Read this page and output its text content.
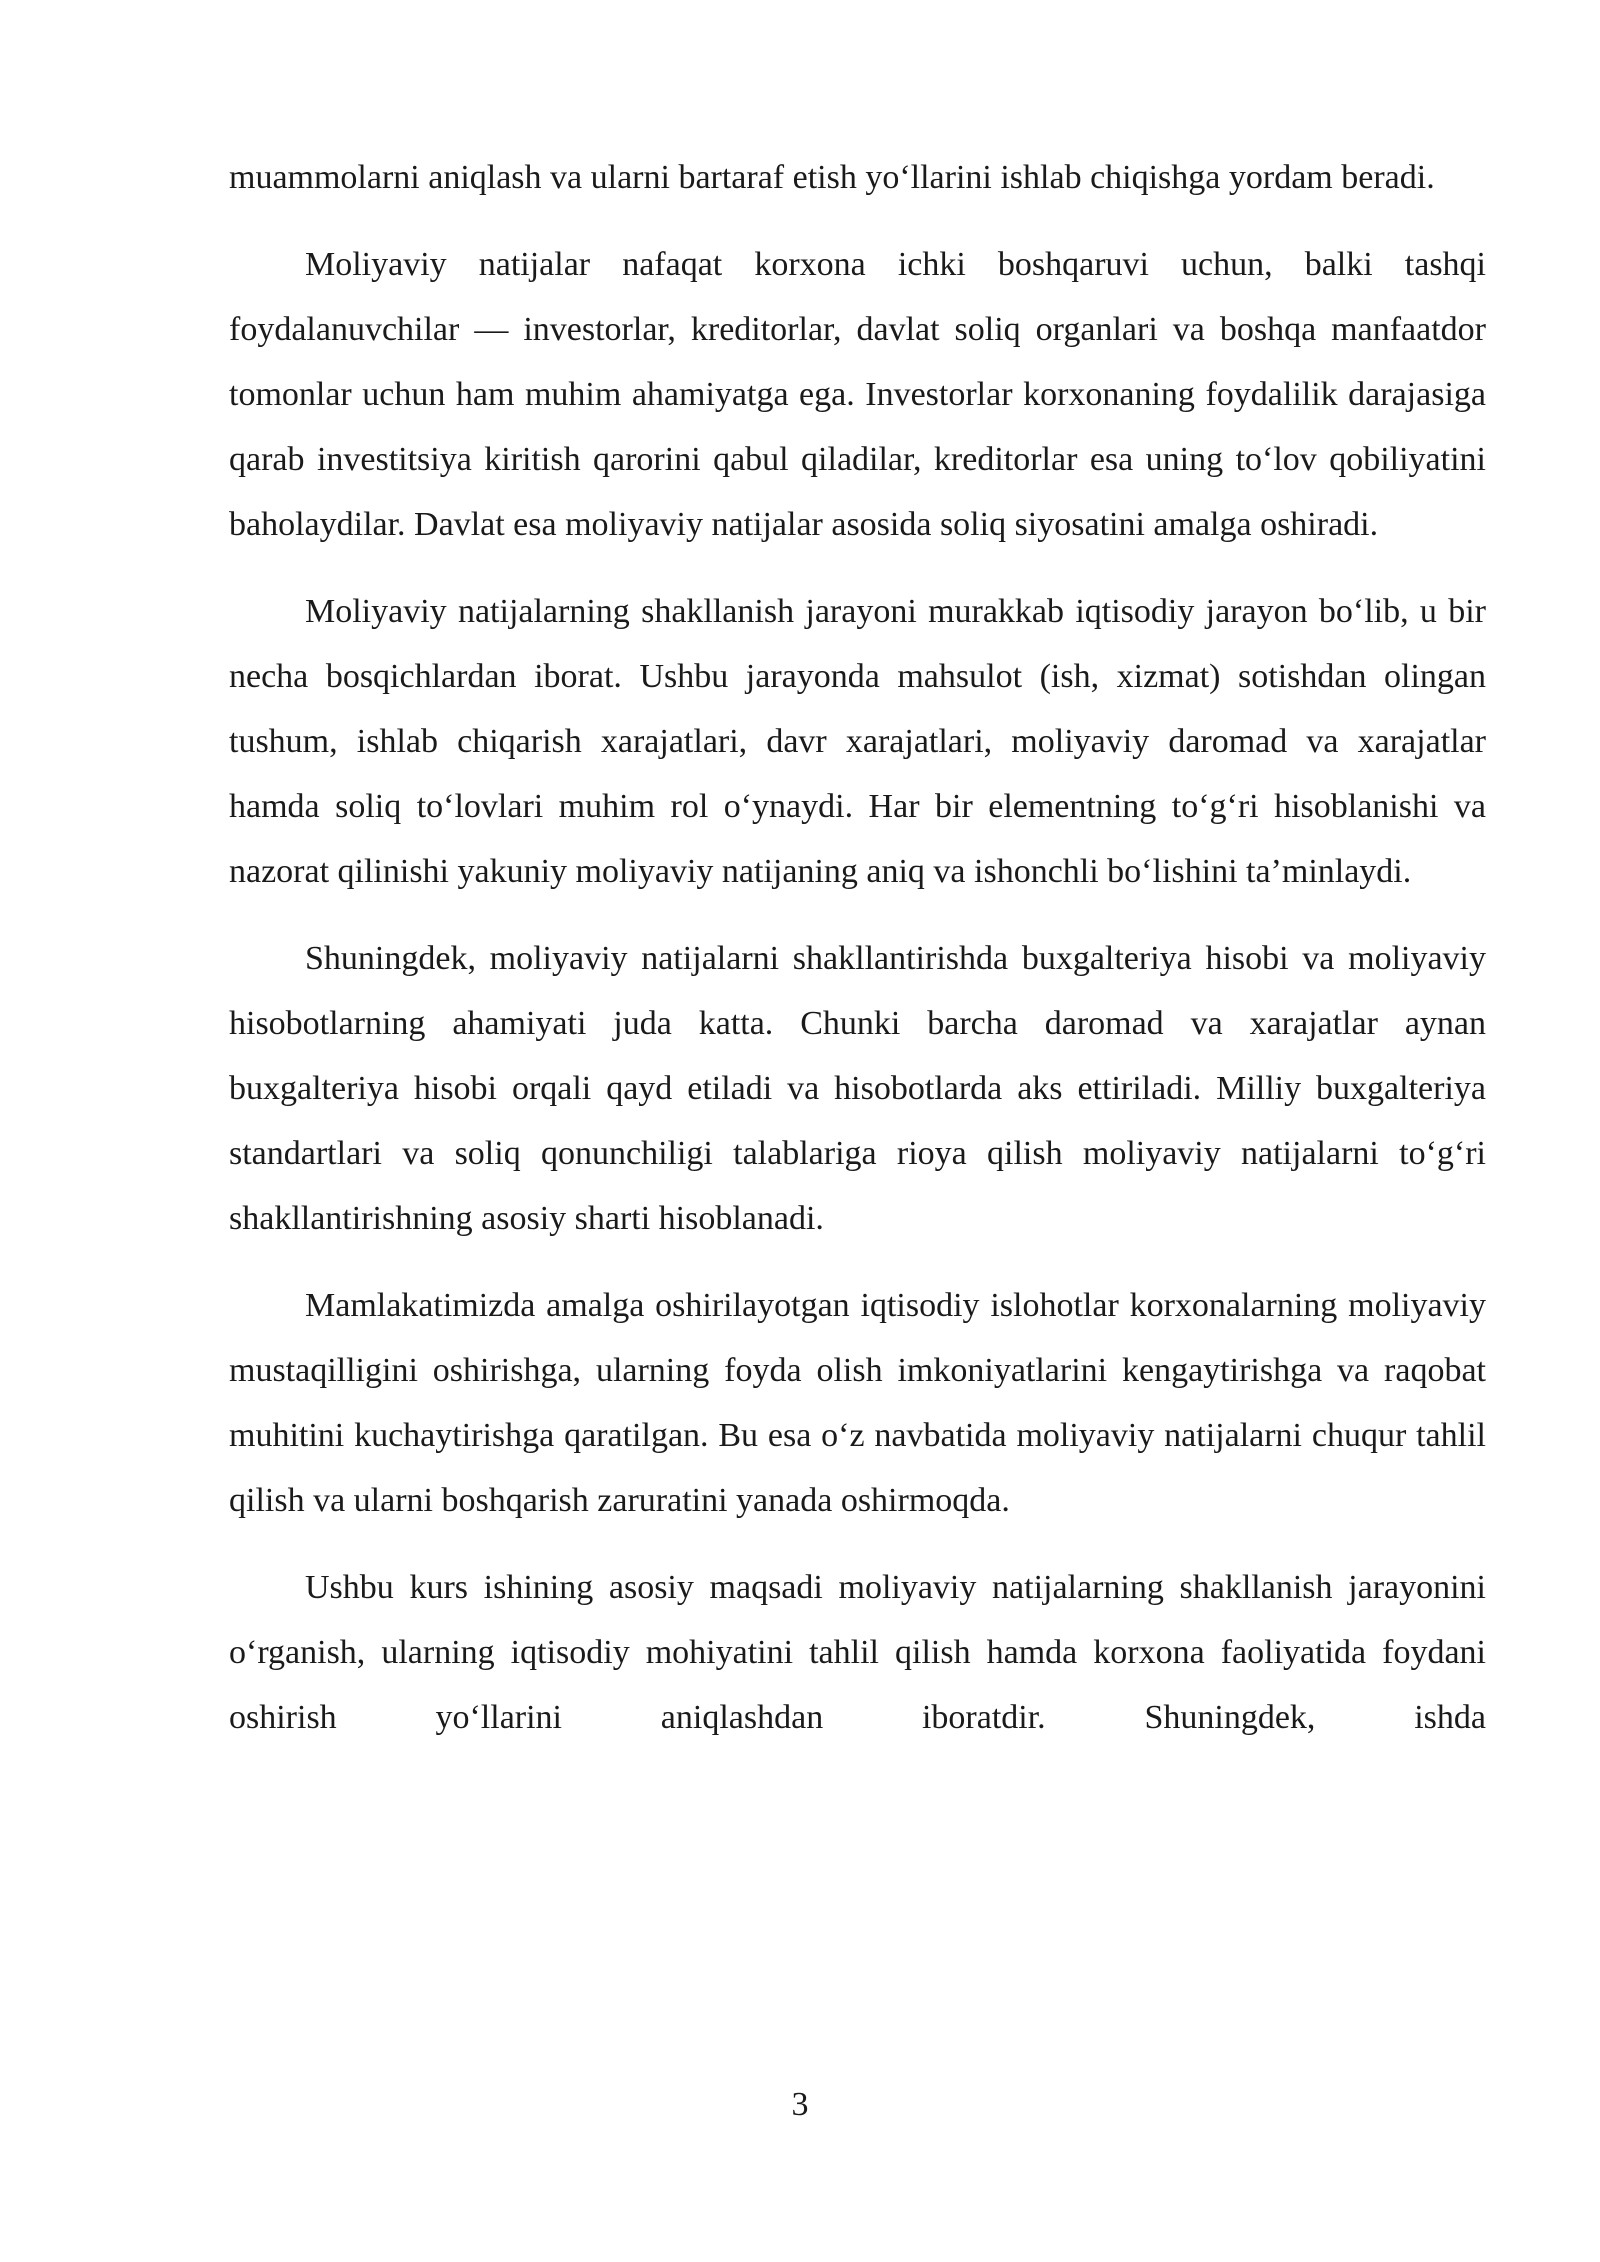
muammolarni aniqlash va ularni bartaraf etish yo‘llarini ishlab chiqishga yordam beradi.

Moliyaviy natijalar nafaqat korxona ichki boshqaruvi uchun, balki tashqi foydalanuvchilar — investorlar, kreditorlar, davlat soliq organlari va boshqa manfaatdor tomonlar uchun ham muhim ahamiyatga ega. Investorlar korxonaning foydalilik darajasiga qarab investitsiya kiritish qarorini qabul qiladilar, kreditorlar esa uning to‘lov qobiliyatini baholaydilar. Davlat esa moliyaviy natijalar asosida soliq siyosatini amalga oshiradi.

Moliyaviy natijalarning shakllanish jarayoni murakkab iqtisodiy jarayon bo‘lib, u bir necha bosqichlardan iborat. Ushbu jarayonda mahsulot (ish, xizmat) sotishdan olingan tushum, ishlab chiqarish xarajatlari, davr xarajatlari, moliyaviy daromad va xarajatlar hamda soliq to‘lovlari muhim rol o‘ynaydi. Har bir elementning to‘g‘ri hisoblanishi va nazorat qilinishi yakuniy moliyaviy natijaning aniq va ishonchli bo‘lishini ta’minlaydi.

Shuningdek, moliyaviy natijalarni shakllantirishda buxgalteriya hisobi va moliyaviy hisobotlarning ahamiyati juda katta. Chunki barcha daromad va xarajatlar aynan buxgalteriya hisobi orqali qayd etiladi va hisobotlarda aks ettiriladi. Milliy buxgalteriya standartlari va soliq qonunchiligi talablariga rioya qilish moliyaviy natijalarni to‘g‘ri shakllantirishning asosiy sharti hisoblanadi.

Mamlakatimizda amalga oshirilayotgan iqtisodiy islohotlar korxonalarning moliyaviy mustaqilligini oshirishga, ularning foyda olish imkoniyatlarini kengaytirishga va raqobat muhitini kuchaytirishga qaratilgan. Bu esa o‘z navbatida moliyaviy natijalarni chuqur tahlil qilish va ularni boshqarish zaruratini yanada oshirmoqda.

Ushbu kurs ishining asosiy maqsadi moliyaviy natijalarning shakllanish jarayonini o‘rganish, ularning iqtisodiy mohiyatini tahlil qilish hamda korxona faoliyatida foydani oshirish yo‘llarini aniqlashdan iboratdir. Shuningdek, ishda

3
